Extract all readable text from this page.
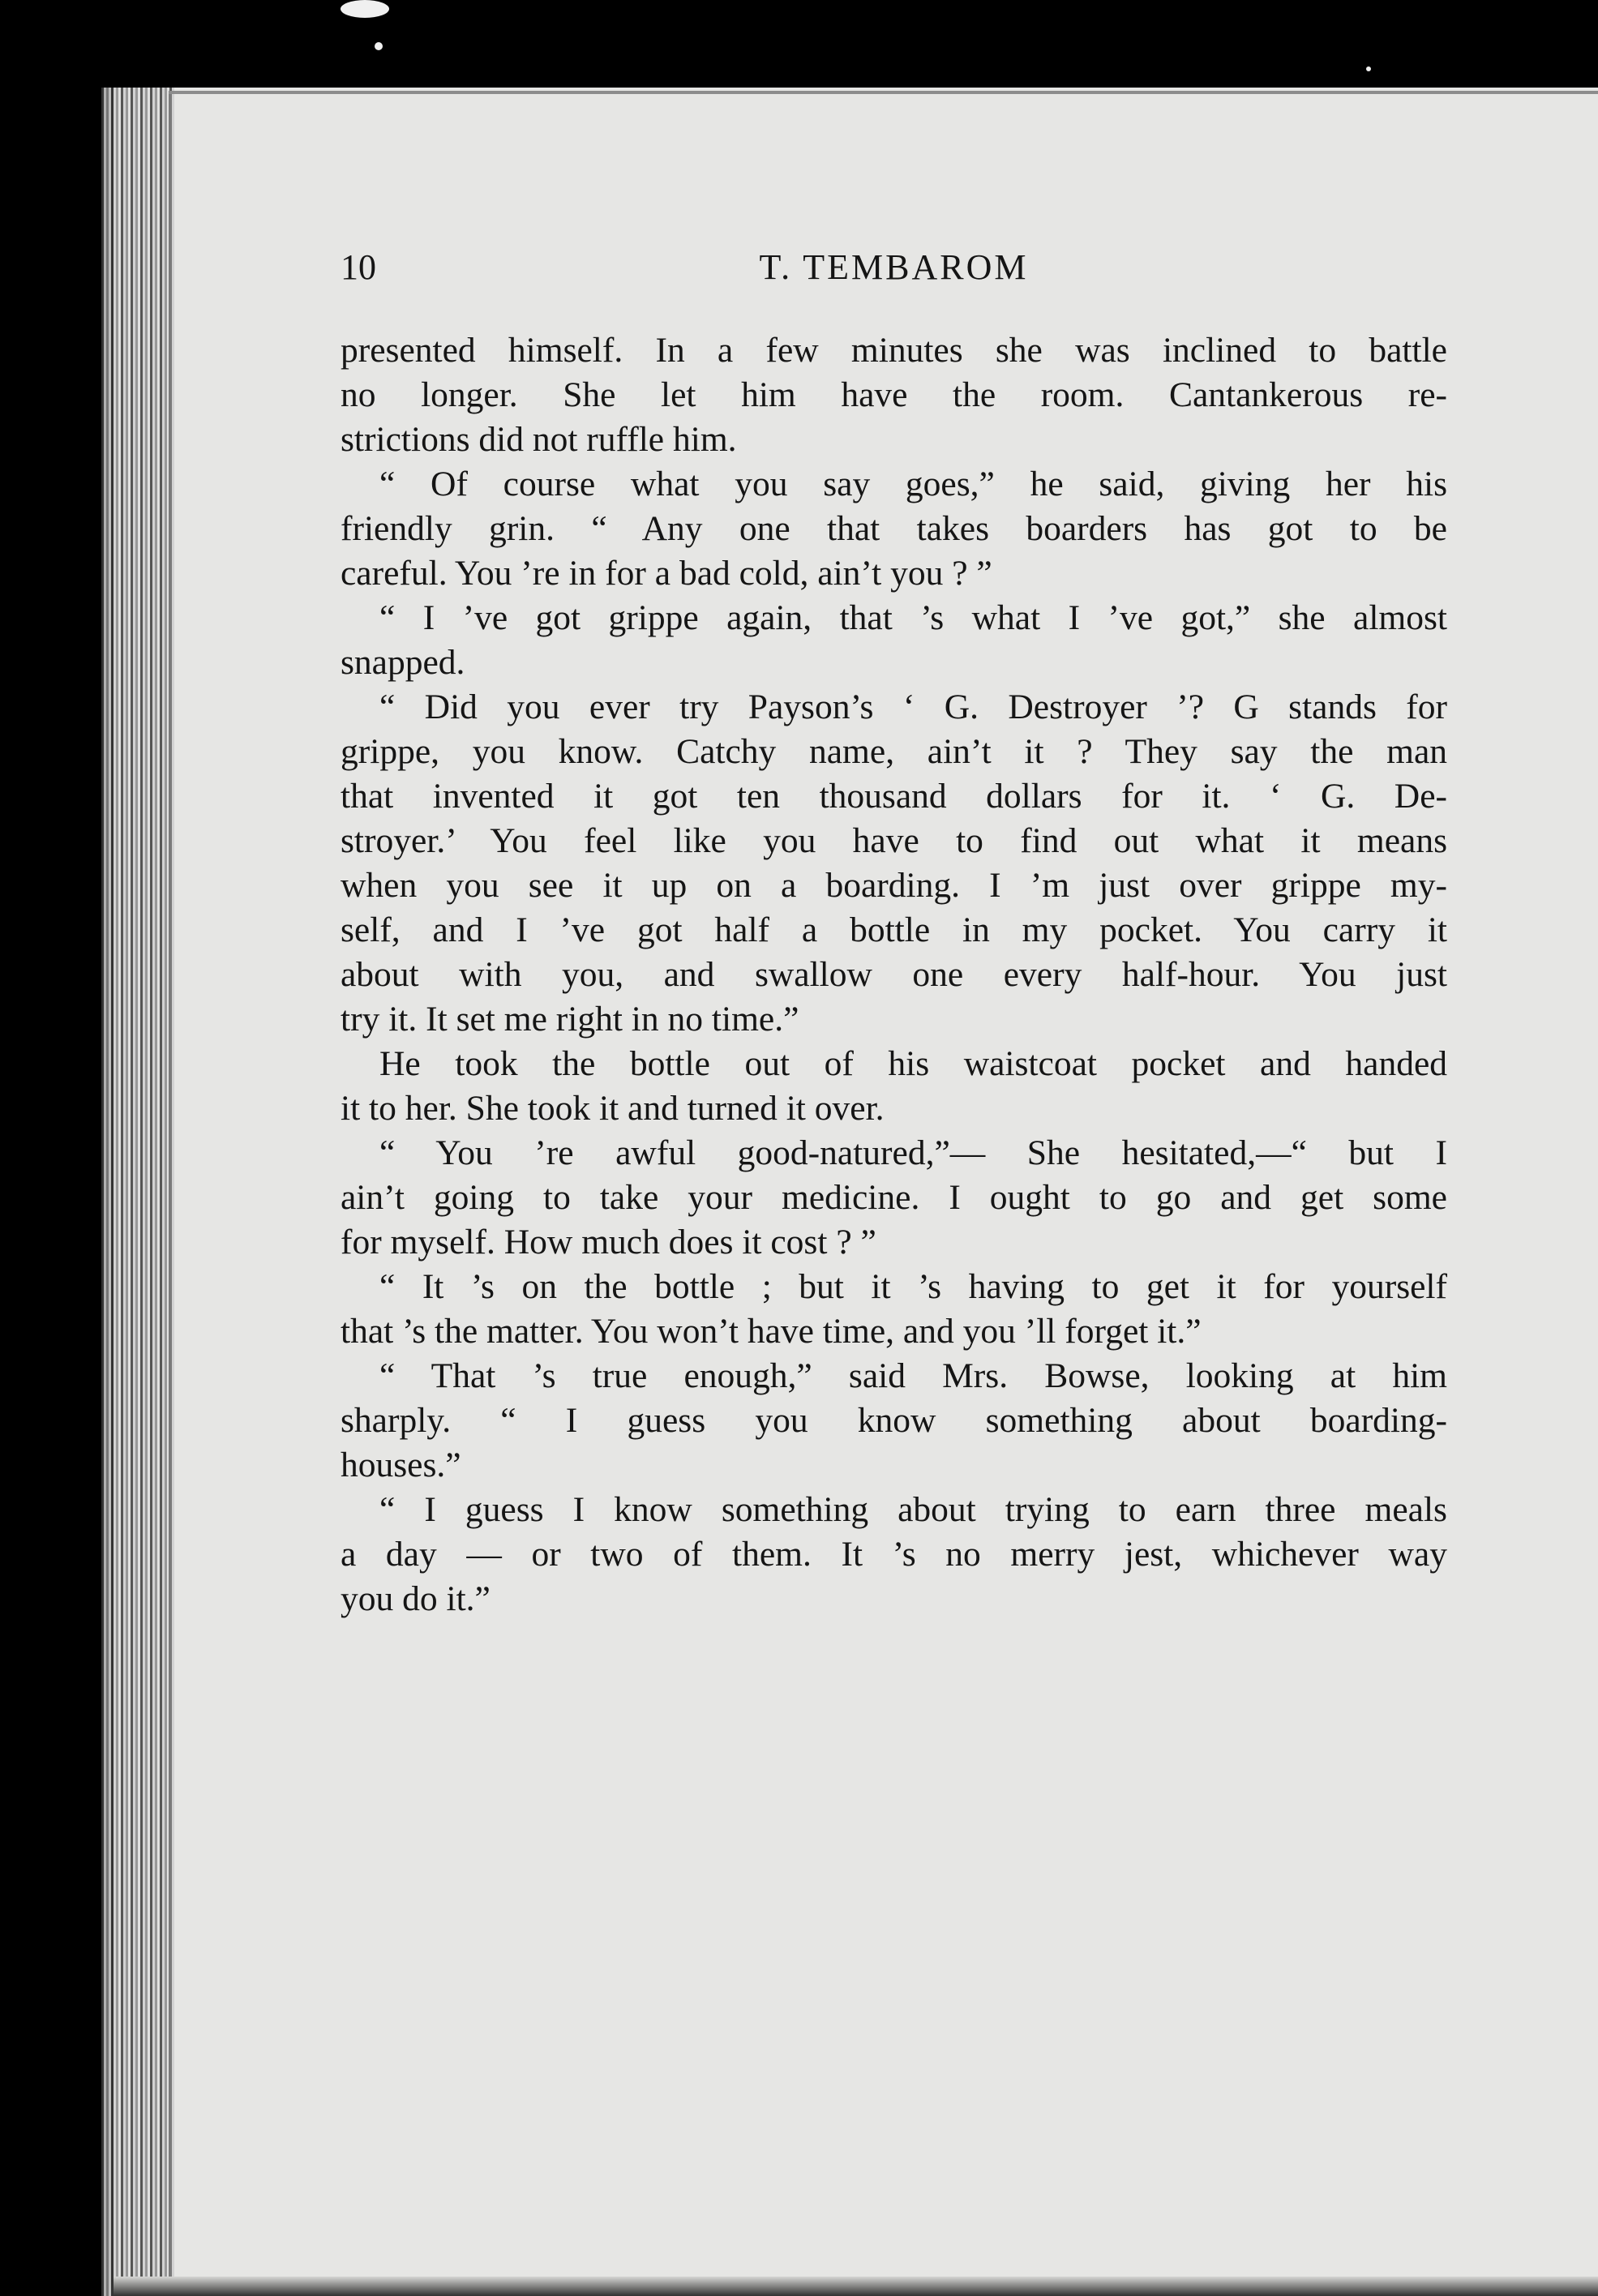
10	T. TEMBAROM
presented himself. In a few minutes she was inclined to battle
no longer. She let him have the room. Cantankerous re-
strictions did not ruffle him.
“ Of course what you say goes,” he said, giving her his
friendly grin. “ Any one that takes boarders has got to be
careful. You ’re in for a bad cold, ain’t you ? ”
“ I ’ve got grippe again, that ’s what I ’ve got,” she almost
snapped.
“ Did you ever try Payson’s ‘ G. Destroyer ’? G stands for
grippe, you know. Catchy name, ain’t it ? They say the man
that invented it got ten thousand dollars for it. ‘ G. De-
stroyer.’ You feel like you have to find out what it means
when you see it up on a boarding. I ’m just over grippe my-
self, and I ’ve got half a bottle in my pocket. You carry it
about with you, and swallow one every half-hour. You just
try it. It set me right in no time.”
He took the bottle out of his waistcoat pocket and handed
it to her. She took it and turned it over.
“ You ’re awful good-natured,”— She hesitated,—“ but I
ain’t going to take your medicine. I ought to go and get some
for myself. How much does it cost ? ”
“ It ’s on the bottle ; but it ’s having to get it for yourself
that ’s the matter. You won’t have time, and you ’ll forget it.”
“ That ’s true enough,” said Mrs. Bowse, looking at him
sharply. “ I guess you know something about boarding-
houses.”
“ I guess I know something about trying to earn three meals
a day — or two of them. It ’s no merry jest, whichever way
you do it.”
